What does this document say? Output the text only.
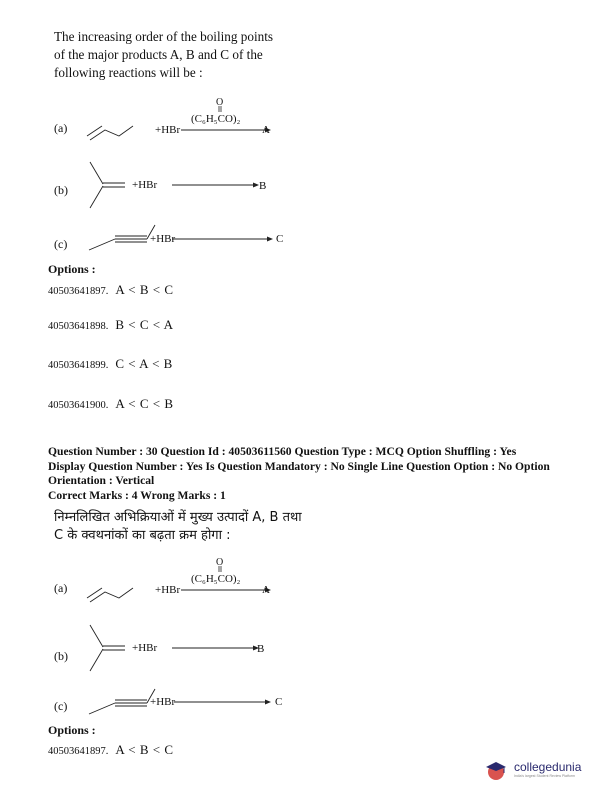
The increasing order of the boiling points
of the major products A, B and C of the
following reactions will be :
(a)	+HBr
O
(C₆H₅CO)₂
A
(b)	+HBr	B
(c)	+HBr	C
Options :
40503641897. A < B < C
40503641898. B < C < A
40503641899. C < A < B
40503641900. A < C < B
Question Number : 30 Question Id : 40503611560 Question Type : MCQ Option Shuffling : Yes
Display Question Number : Yes Is Question Mandatory : No Single Line Question Option : No Option
Orientation : Vertical
Correct Marks : 4 Wrong Marks : 1
निम्नलिखित अभिक्रियाओं में मुख्य उत्पादों A, B तथा
C के क्वथनांकों का बढ़ता क्रम होगा :
(a)	+HBr
O
(C₆H₅CO)₂
A
(b)
+HBr	B
(c)	+HBr	C
Options :
40503641897. A < B < C
collegedunia
India's largest Student Review Platform
